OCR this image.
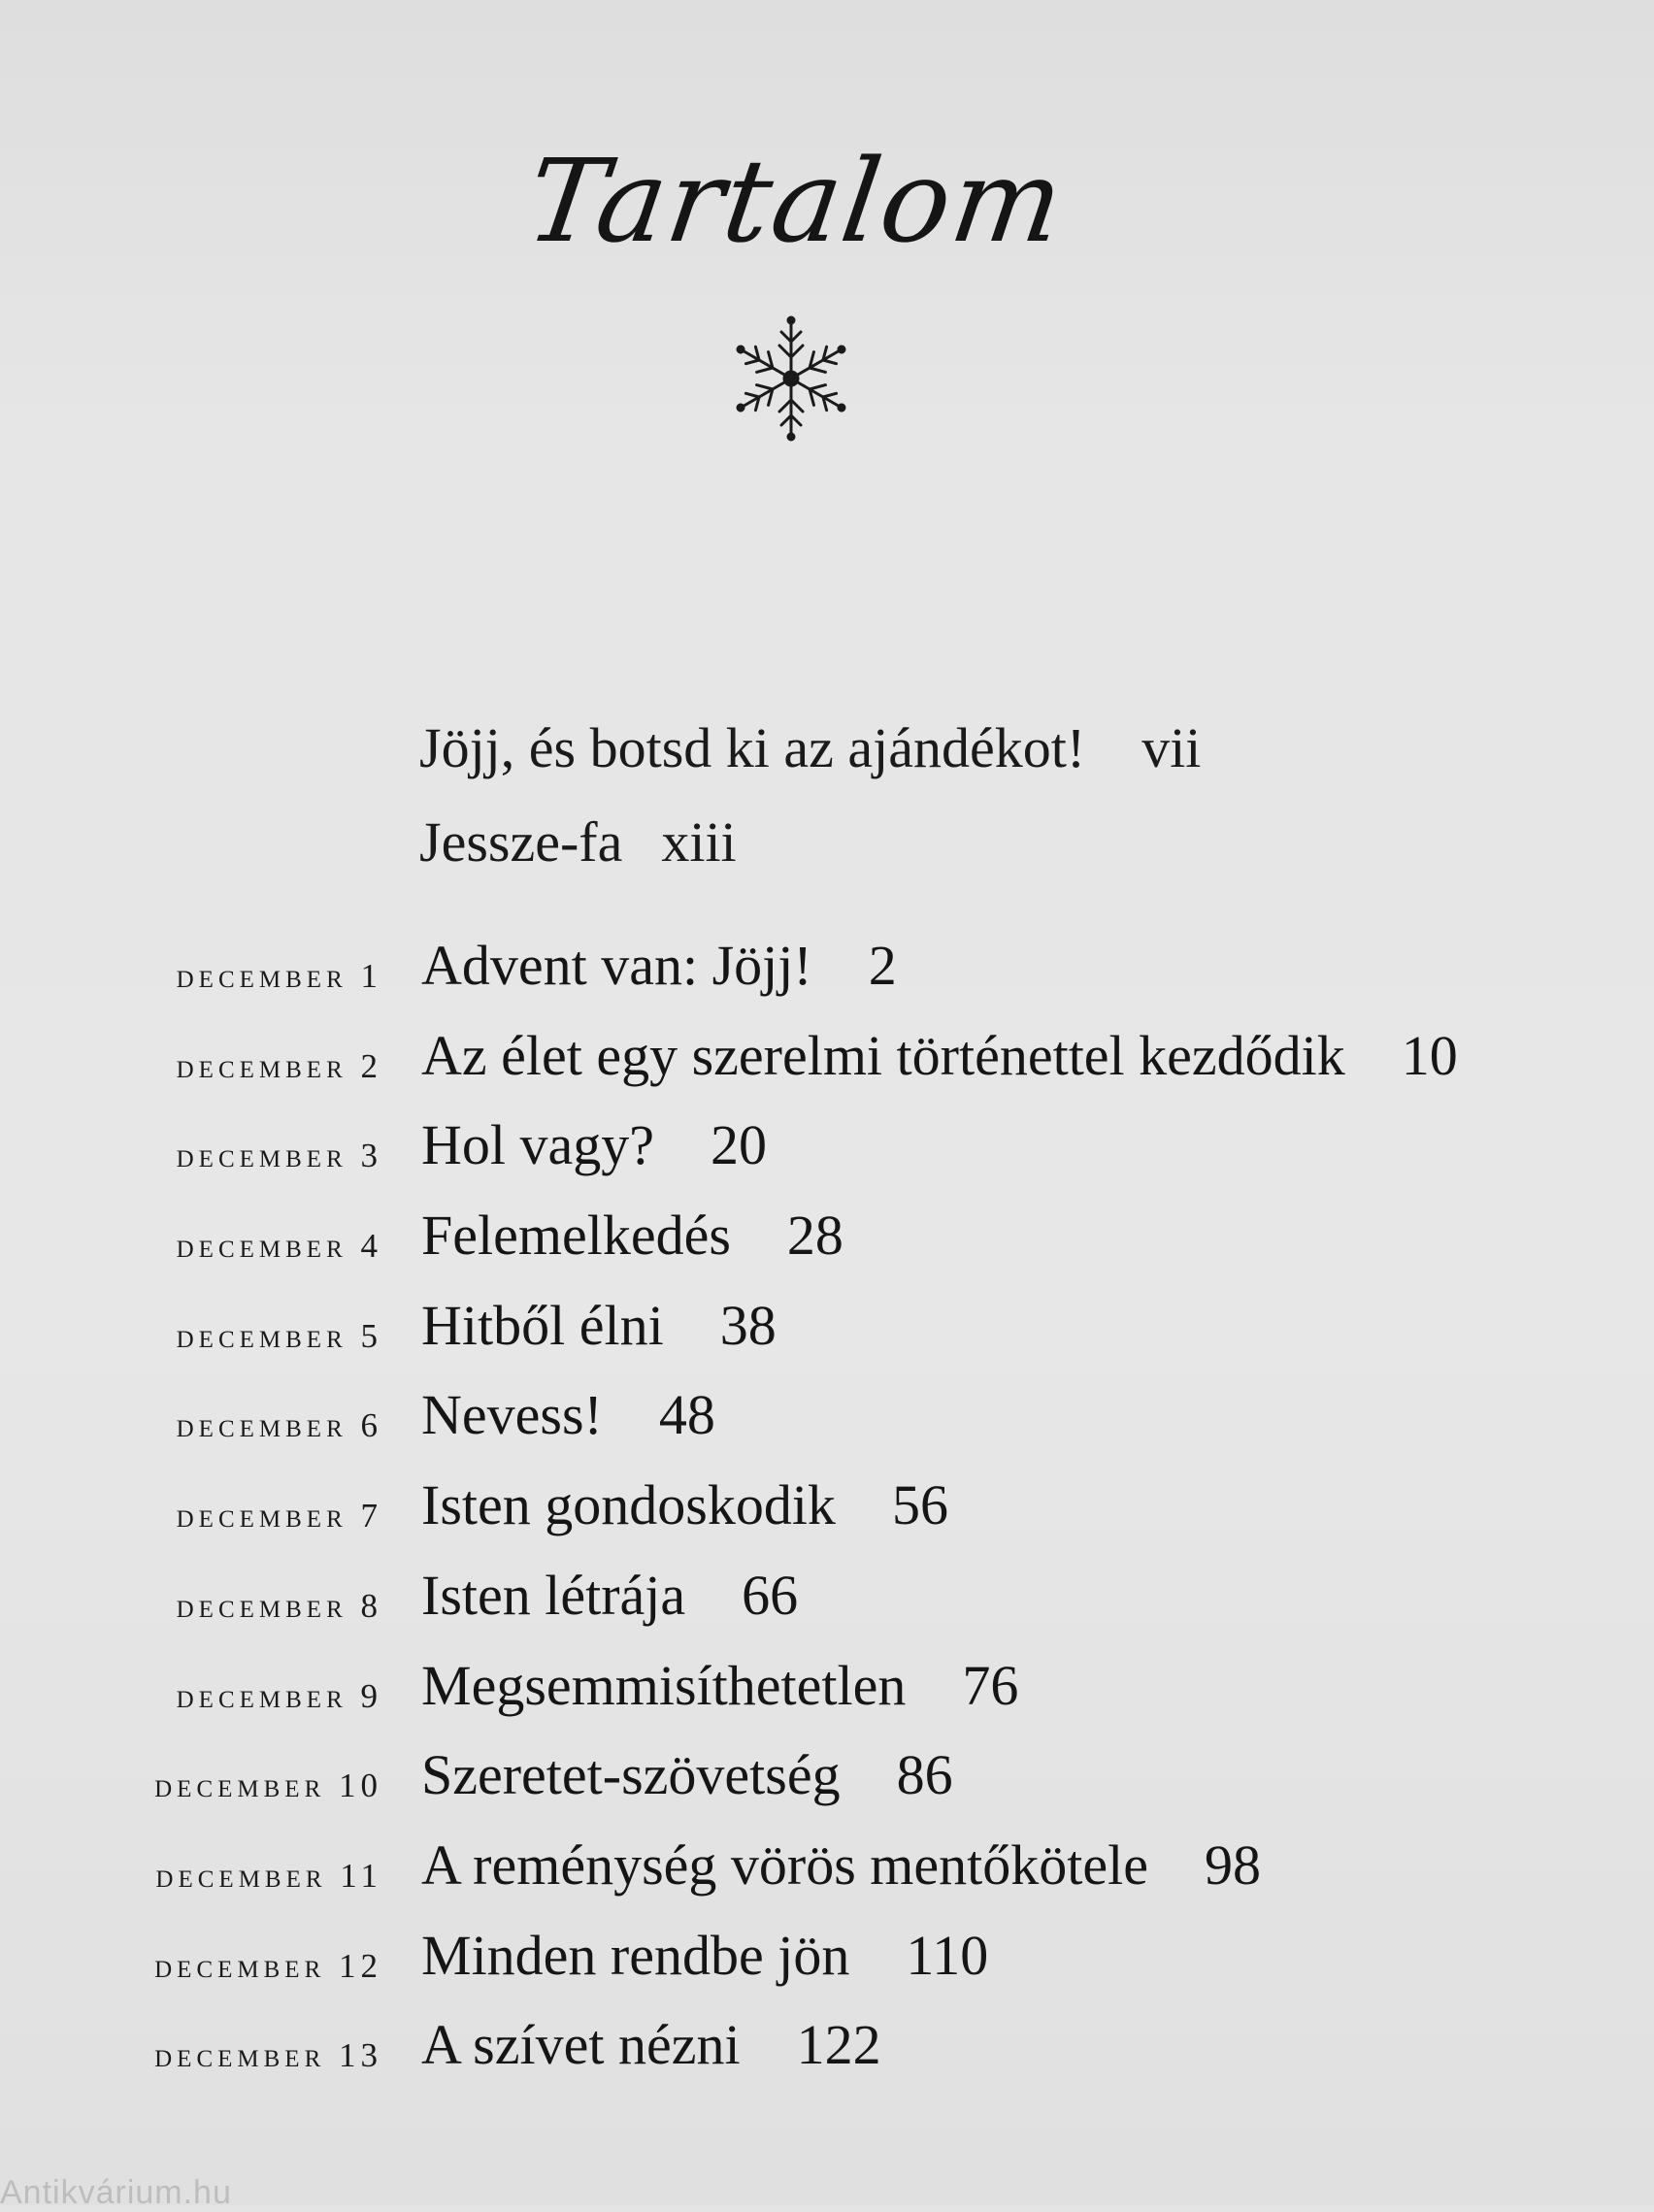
Tartalom
Jöjj, és botsd ki az ajándékot! vii
Jessze-fa xiii
december 1 Advent van: Jöjj! 2
december 2 Az élet egy szerelmi történettel kezdődik 10
december 3 Hol vagy? 20
december 4 Felemelkedés 28
december 5 Hitből élni 38
december 6 Nevess! 48
december 7 Isten gondoskodik 56
december 8 Isten létrája 66
december 9 Megsemmisíthetetlen 76
december 10 Szeretet-szövetség 86
december 11 A reménység vörös mentőkötele 98
december 12 Minden rendbe jön 110
december 13 A szívet nézni 122
Antikvárium.hu
